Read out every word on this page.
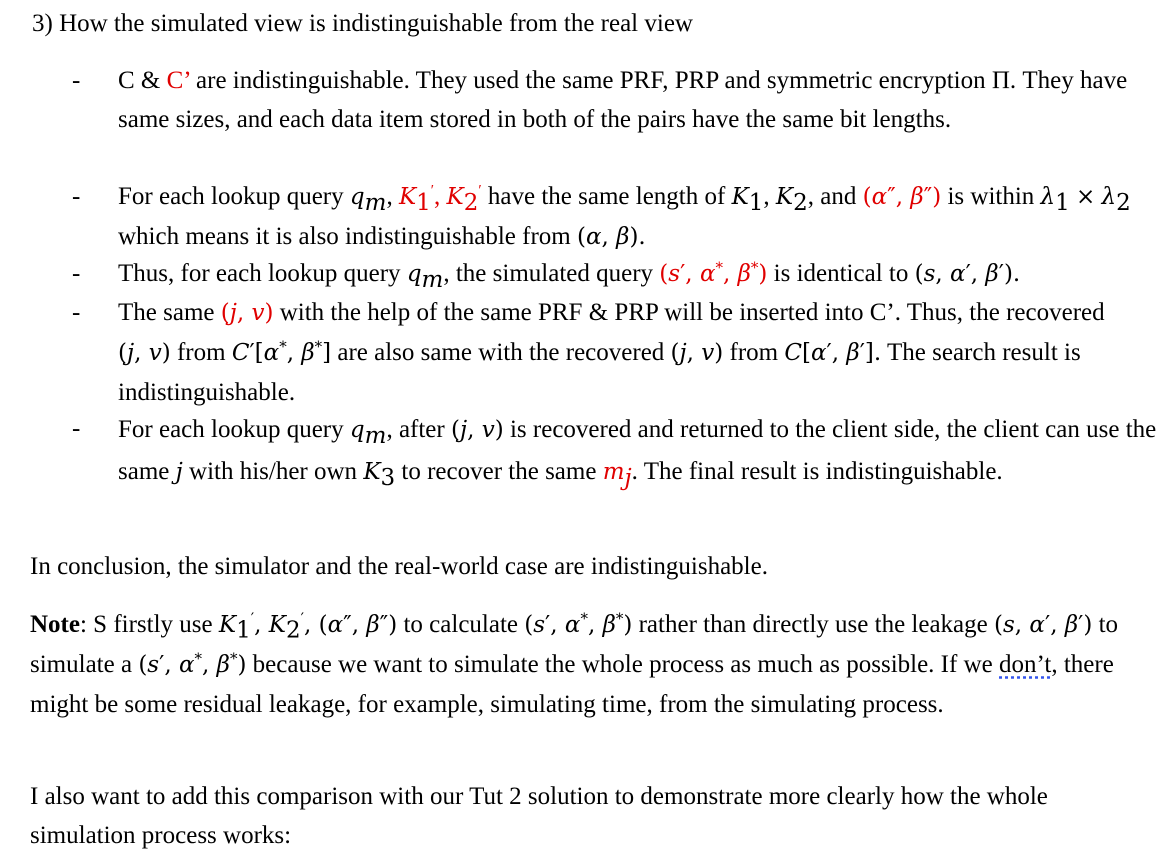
3) How the simulated view is indistinguishable from the real view
- C & C’ are indistinguishable. They used the same PRF, PRP and symmetric encryption Π. They have same sizes, and each data item stored in both of the pairs have the same bit lengths.
- For each lookup query $q_m$, $K_1'$, $K_2'$ have the same length of $K_1$, $K_2$, and (α″, β″) is within $\lambda_1 \times \lambda_2$ which means it is also indistinguishable from (α, β).
- Thus, for each lookup query $q_m$, the simulated query (s′, α*, β*) is identical to (s, α′, β′).
- The same (j, v) with the help of the same PRF & PRP will be inserted into C’. Thus, the recovered (j, v) from C′[α*, β*] are also same with the recovered (j, v) from C[α′, β′]. The search result is indistinguishable.
- For each lookup query $q_m$, after (j, v) is recovered and returned to the client side, the client can use the same j with his/her own $K_3$ to recover the same $m_j$. The final result is indistinguishable.
In conclusion, the simulator and the real-world case are indistinguishable.
Note: S firstly use $K_1'$, $K_2'$, (α″, β″) to calculate (s′, α*, β*) rather than directly use the leakage (s, α′, β′) to simulate a (s′, α*, β*) because we want to simulate the whole process as much as possible. If we don’t, there might be some residual leakage, for example, simulating time, from the simulating process.
I also want to add this comparison with our Tut 2 solution to demonstrate more clearly how the whole simulation process works:
